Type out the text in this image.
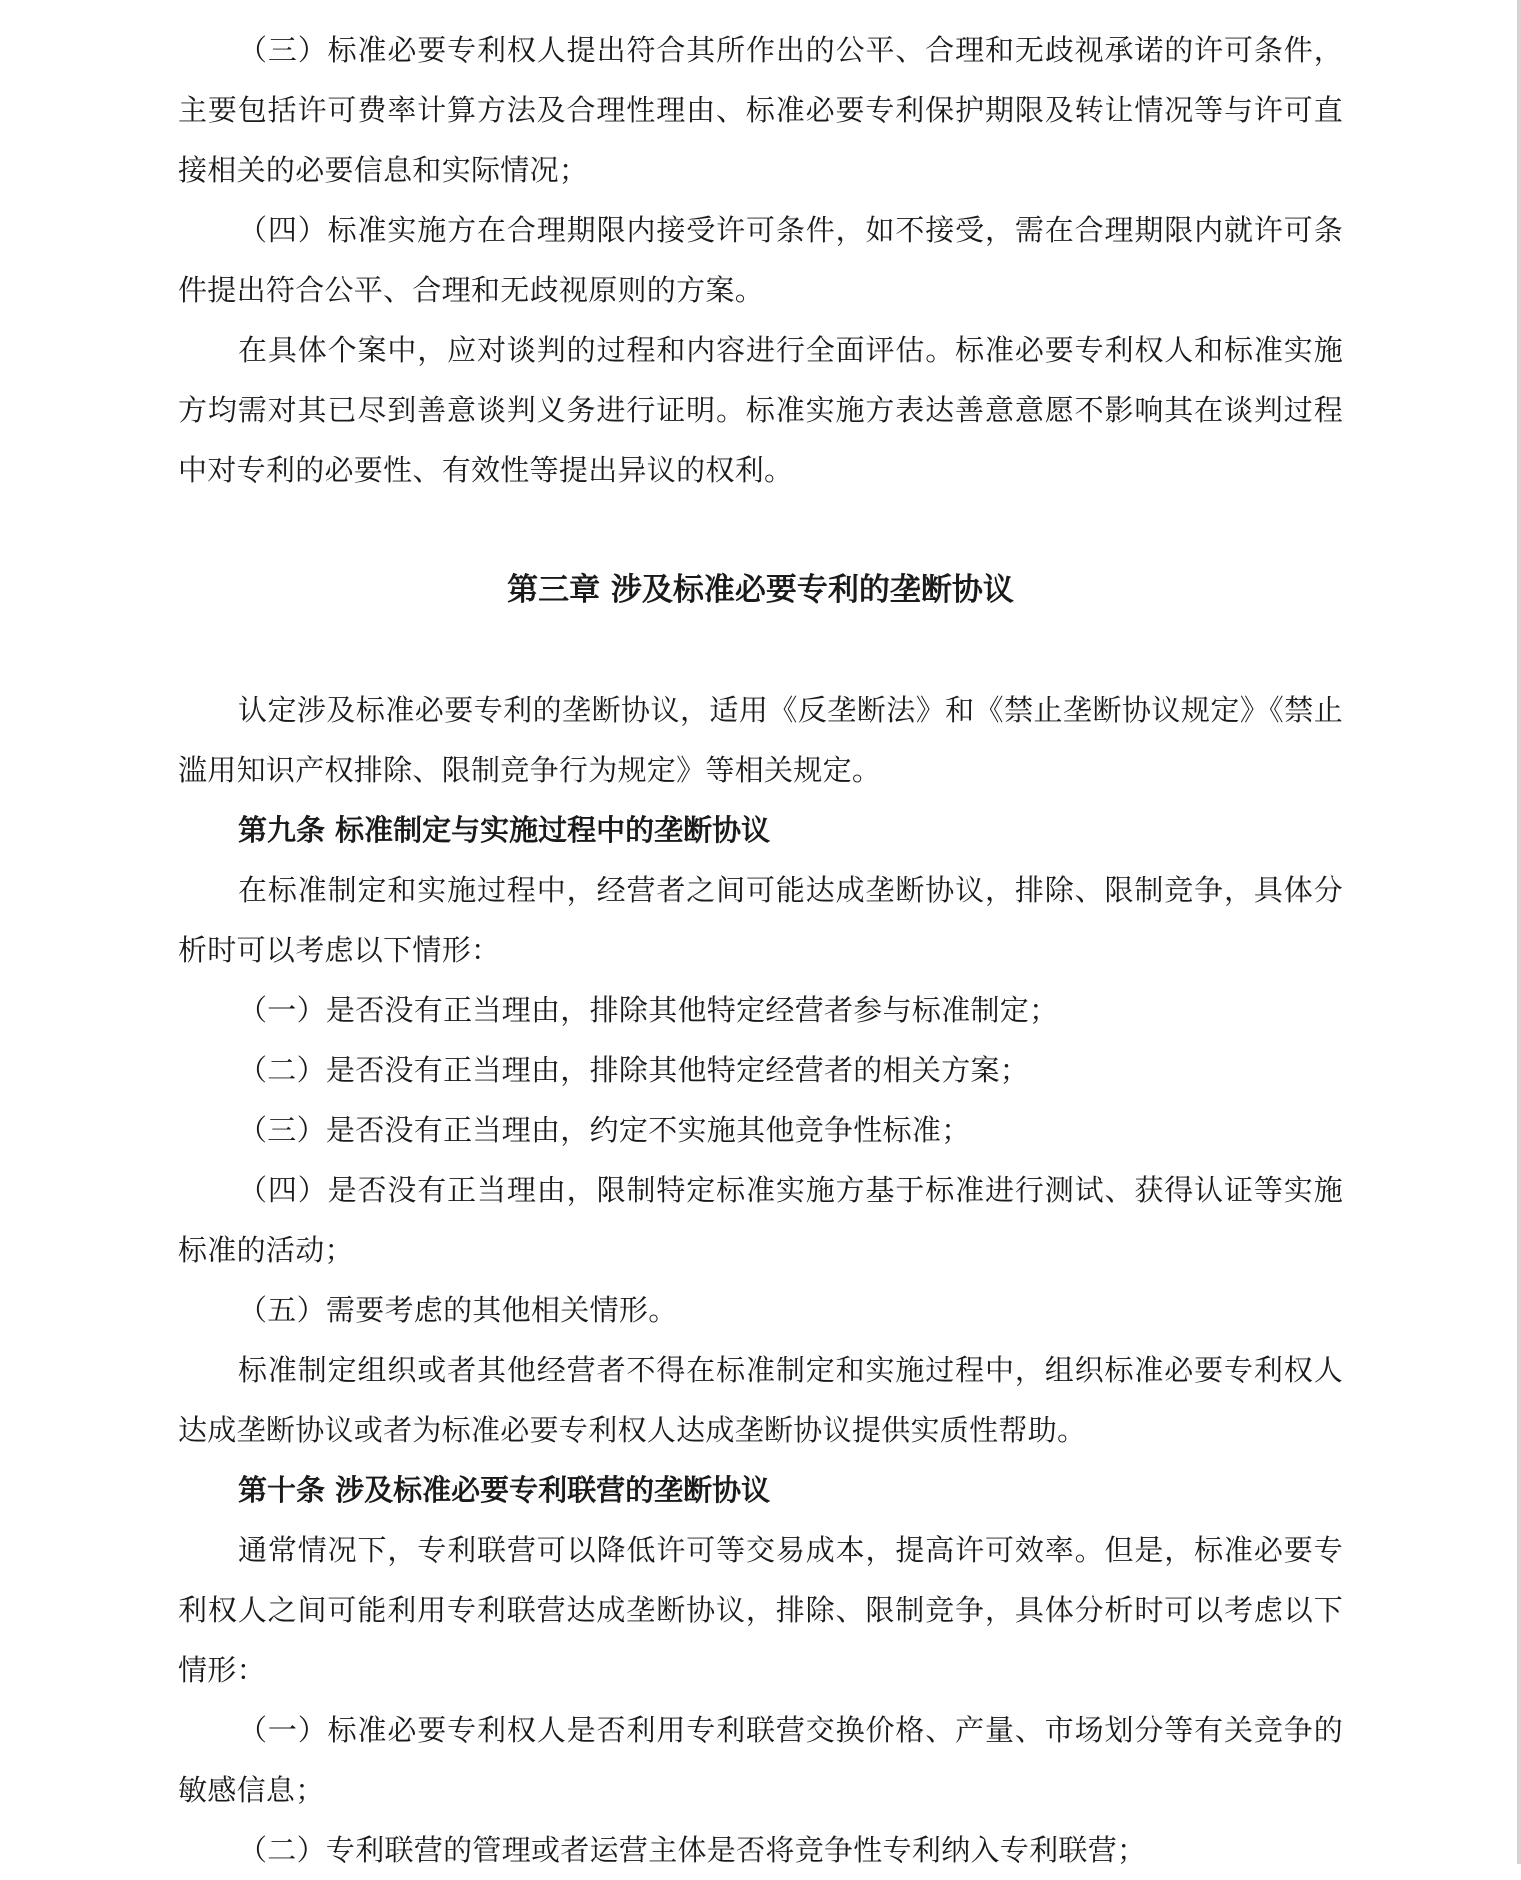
（三）标准必要专利权人提出符合其所作出的公平、合理和无歧视承诺的许可条件，主要包括许可费率计算方法及合理性理由、标准必要专利保护期限及转让情况等与许可直接相关的必要信息和实际情况；

（四）标准实施方在合理期限内接受许可条件，如不接受，需在合理期限内就许可条件提出符合公平、合理和无歧视原则的方案。

在具体个案中，应对谈判的过程和内容进行全面评估。标准必要专利权人和标准实施方均需对其已尽到善意谈判义务进行证明。标准实施方表达善意意愿不影响其在谈判过程中对专利的必要性、有效性等提出异议的权利。

第三章 涉及标准必要专利的垄断协议

认定涉及标准必要专利的垄断协议，适用《反垄断法》和《禁止垄断协议规定》《禁止滥用知识产权排除、限制竞争行为规定》等相关规定。

第九条 标准制定与实施过程中的垄断协议

在标准制定和实施过程中，经营者之间可能达成垄断协议，排除、限制竞争，具体分析时可以考虑以下情形：

（一）是否没有正当理由，排除其他特定经营者参与标准制定；

（二）是否没有正当理由，排除其他特定经营者的相关方案；

（三）是否没有正当理由，约定不实施其他竞争性标准；

（四）是否没有正当理由，限制特定标准实施方基于标准进行测试、获得认证等实施标准的活动；

（五）需要考虑的其他相关情形。

标准制定组织或者其他经营者不得在标准制定和实施过程中，组织标准必要专利权人达成垄断协议或者为标准必要专利权人达成垄断协议提供实质性帮助。

第十条 涉及标准必要专利联营的垄断协议

通常情况下，专利联营可以降低许可等交易成本，提高许可效率。但是，标准必要专利权人之间可能利用专利联营达成垄断协议，排除、限制竞争，具体分析时可以考虑以下情形：

（一）标准必要专利权人是否利用专利联营交换价格、产量、市场划分等有关竞争的敏感信息；

（二）专利联营的管理或者运营主体是否将竞争性专利纳入专利联营；
